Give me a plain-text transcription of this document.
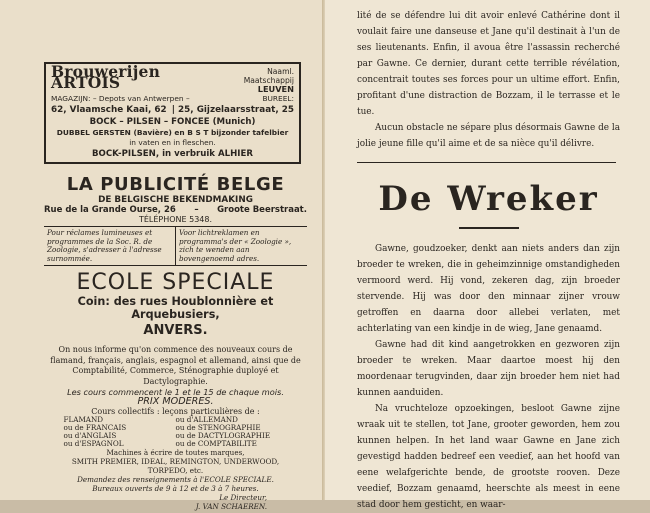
Brouwerijen ARTOIS
Naaml. Maatschappij
LEUVEN
MAGAZIJN: – Depots van Antwerpen –	BUREEL:
62, Vlaamsche Kaai, 62 | 25, Gijzelaarsstraat, 25
BOCK – PILSEN – FONCEE (Munich)
DUBBEL GERSTEN (Bavière) en B S T bijzonder tafelbier
in vaten en in fleschen.
BOCK-PILSEN, in verbruik ALHIER
LA PUBLICITÉ BELGE
DE BELGISCHE BEKENDMAKING
Rue de la Grande Ourse, 26 – Groote Beerstraat.
TÉLÉPHONE 5348.
Pour réclames lumineuses et programmes de la Soc. R. de Zoologie, s'adresser à l'adresse surnommée.
Voor lichtreklamen en programma's der « Zoologie », zich te wenden aan bovengenoemd adres.
ECOLE SPECIALE
Coin: des rues Houblonnière et Arquebusiers,
ANVERS.
On nous informe qu'on commence des nouveaux cours de flamand, français, anglais, espagnol et allemand, ainsi que de Comptabilité, Commerce, Sténographie duployé et Dactylographie.
Les cours commencent le 1 et le 15 de chaque mois.
PRIX MODERES.
Cours collectifs : leçons particulières de :
FLAMAND
ou de FRANCAIS
ou d'ANGLAIS
ou d'ESPAGNOL
ou d'ALLEMAND
ou de STENOGRAPHIE
ou de DACTYLOGRAPHIE
ou de COMPTABILITE
Machines à écrire de toutes marques,
SMITH PREMIER, IDEAL, REMINGTON, UNDERWOOD,
TORPEDO, etc.
Demandez des renseignements à l'ECOLE SPECIALE.
Bureaux ouverts de 9 à 12 et de 3 à 7 heures.
Le Directeur,
J. VAN SCHAEREN.

lité de se défendre lui dit avoir enlevé Cathérine dont il voulait faire une danseuse et Jane qu'il destinait à l'un de ses lieutenants. Enfin, il avoua être l'assassin recherché par Gawne. Ce dernier, durant cette terrible révélation, concentrait toutes ses forces pour un ultime effort. Enfin, profitant d'une distraction de Bozzam, il le terrasse et le tue.

Aucun obstacle ne sépare plus désormais Gawne de la jolie jeune fille qu'il aime et de sa nièce qu'il délivre.

De Wreker

Gawne, goudzoeker, denkt aan niets anders dan zijn broeder te wreken, die in geheimzinnige omstandigheden vermoord werd. Hij vond, zekeren dag, zijn broeder stervende. Hij was door den minnaar zijner vrouw getroffen en daarna door allebei verlaten, met achterlating van een kindje in de wieg, Jane genaamd.

Gawne had dit kind aangetrokken en gezworen zijn broeder te wreken. Maar daartoe moest hij den moordenaar terugvinden, daar zijn broeder hem niet had kunnen aanduiden.

Na vruchteloze opzoekingen, besloot Gawne zijne wraak uit te stellen, tot Jane, grooter geworden, hem zou kunnen helpen. In het land waar Gawne en Jane zich gevestigd hadden bedreef een veedief, aan het hoofd van eene welafgerichte bende, de grootste rooven. Deze veedief, Bozzam genaamd, heerschte als meest in eene stad door hem gesticht, en waar-
